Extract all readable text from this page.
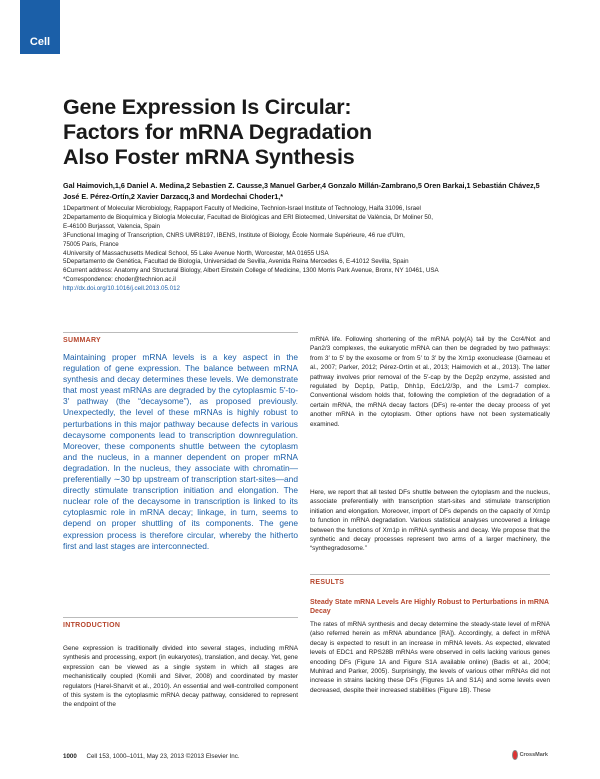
Cell
Gene Expression Is Circular:
Factors for mRNA Degradation
Also Foster mRNA Synthesis
Gal Haimovich,1,6 Daniel A. Medina,2 Sebastien Z. Causse,3 Manuel Garber,4 Gonzalo Millán-Zambrano,5 Oren Barkai,1 Sebastián Chávez,5 José E. Pérez-Ortín,2 Xavier Darzacq,3 and Mordechai Choder1,*
1Department of Molecular Microbiology, Rappaport Faculty of Medicine, Technion-Israel Institute of Technology, Haifa 31096, Israel
2Departamento de Bioquímica y Biología Molecular, Facultad de Biológicas and ERI Biotecmed, Universitat de València, Dr Moliner 50,
E-46100 Burjassot, Valencia, Spain
3Functional Imaging of Transcription, CNRS UMR8197, IBENS, Institute of Biology, École Normale Supérieure, 46 rue d'Ulm,
75005 Paris, France
4University of Massachusetts Medical School, 55 Lake Avenue North, Worcester, MA 01655 USA
5Departamento de Genética, Facultad de Biología, Universidad de Sevilla, Avenida Reina Mercedes 6, E-41012 Sevilla, Spain
6Current address: Anatomy and Structural Biology, Albert Einstein College of Medicine, 1300 Morris Park Avenue, Bronx, NY 10461, USA
*Correspondence: choder@technion.ac.il
http://dx.doi.org/10.1016/j.cell.2013.05.012
SUMMARY
Maintaining proper mRNA levels is a key aspect in the regulation of gene expression. The balance between mRNA synthesis and decay determines these levels. We demonstrate that most yeast mRNAs are degraded by the cytoplasmic 5′-to-3′ pathway (the “decaysome”), as proposed previously. Unexpectedly, the level of these mRNAs is highly robust to perturbations in this major pathway because defects in various decaysome components lead to transcription downregulation. Moreover, these components shuttle between the cytoplasm and the nucleus, in a manner dependent on proper mRNA degradation. In the nucleus, they associate with chromatin—preferentially ∼30 bp upstream of transcription start-sites—and directly stimulate transcription initiation and elongation. The nuclear role of the decaysome in transcription is linked to its cytoplasmic role in mRNA decay; linkage, in turn, seems to depend on proper shuttling of its components. The gene expression process is therefore circular, whereby the hitherto first and last stages are interconnected.
INTRODUCTION
Gene expression is traditionally divided into several stages, including mRNA synthesis and processing, export (in eukaryotes), translation, and decay. Yet, gene expression can be viewed as a single system in which all stages are mechanistically coupled (Komili and Silver, 2008) and coordinated by master regulators (Harel-Sharvit et al., 2010). An essential and well-controlled component of this system is the cytoplasmic mRNA decay pathway, considered to represent the endpoint of the
mRNA life. Following shortening of the mRNA poly(A) tail by the Ccr4/Not and Pan2/3 complexes, the eukaryotic mRNA can then be degraded by two pathways: from 3′ to 5′ by the exosome or from 5′ to 3′ by the Xrn1p exonuclease (Garneau et al., 2007; Parker, 2012; Pérez-Ortín et al., 2013; Haimovich et al., 2013). The latter pathway involves prior removal of the 5′-cap by the Dcp2p enzyme, assisted and regulated by Dcp1p, Pat1p, Dhh1p, Edc1/2/3p, and the Lsm1-7 complex. Conventional wisdom holds that, following the completion of the degradation of a certain mRNA, the mRNA decay factors (DFs) re-enter the decay process of yet another mRNA in the cytoplasm. Other options have not been systematically examined.
Here, we report that all tested DFs shuttle between the cytoplasm and the nucleus, associate preferentially with transcription start-sites and stimulate transcription initiation and elongation. Moreover, import of DFs depends on the capacity of Xrn1p to function in mRNA degradation. Various statistical analyses uncovered a linkage between the functions of Xrn1p in mRNA synthesis and decay. We propose that the synthetic and decay processes represent two arms of a larger machinery, the “synthegradosome.”
RESULTS
Steady State mRNA Levels Are Highly Robust to Perturbations in mRNA Decay
The rates of mRNA synthesis and decay determine the steady-state level of mRNA (also referred herein as mRNA abundance [RA]). Accordingly, a defect in mRNA decay is expected to result in an increase in mRNA levels. As expected, elevated levels of EDC1 and RPS28B mRNAs were observed in cells lacking various genes encoding DFs (Figure 1A and Figure S1A available online) (Badis et al., 2004; Muhlrad and Parker, 2005). Surprisingly, the levels of various other mRNAs did not increase in strains lacking these DFs (Figures 1A and S1A) and some levels even decreased, despite their increased stabilities (Figure 1B). These
1000 Cell 153, 1000–1011, May 23, 2013 ©2013 Elsevier Inc.	CrossMark
